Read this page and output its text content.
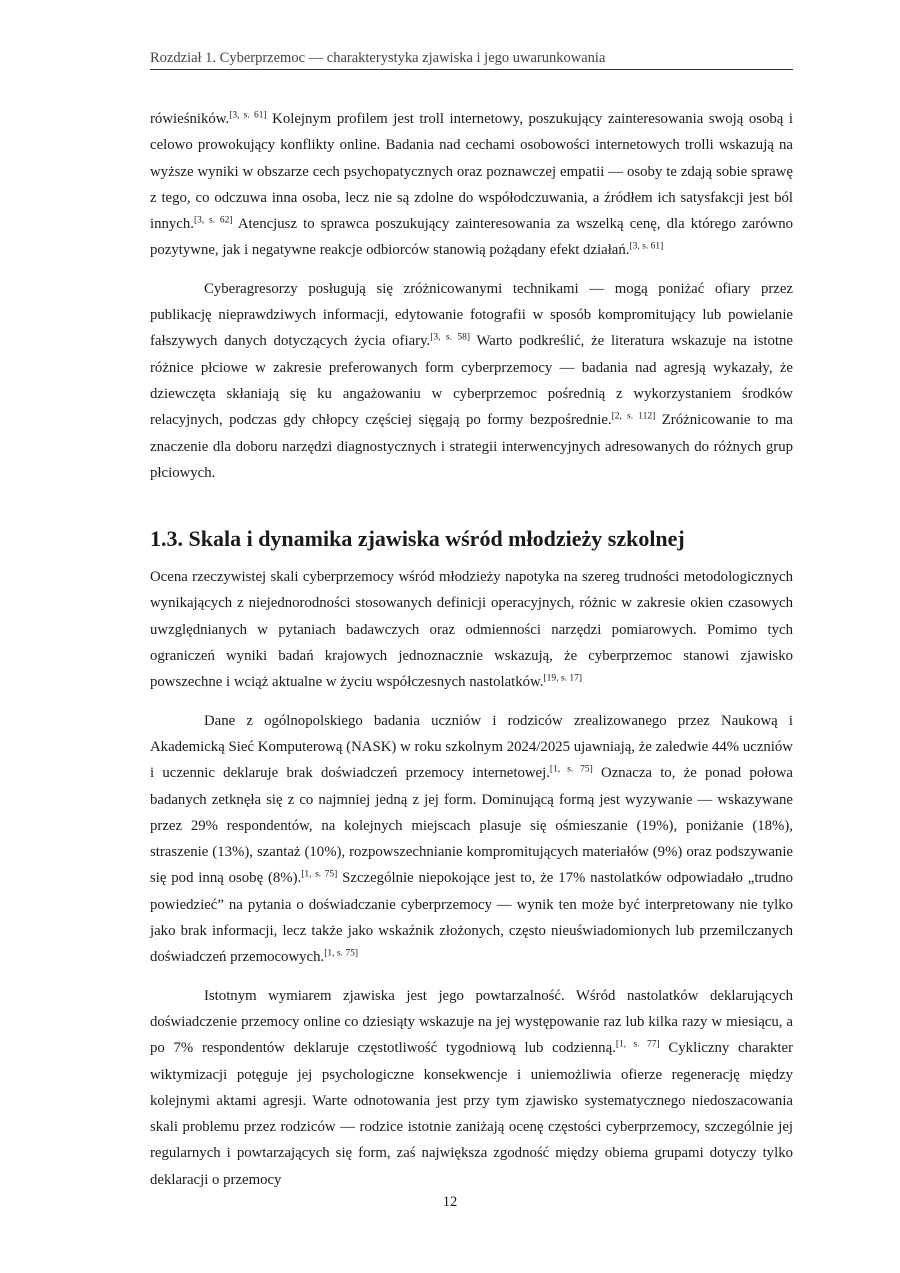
Rozdział 1. Cyberprzemoc — charakterystyka zjawiska i jego uwarunkowania

rówieśników.[3, s. 61] Kolejnym profilem jest troll internetowy, poszukujący zainteresowania swoją osobą i celowo prowokujący konflikty online. Badania nad cechami osobowości internetowych trolli wskazują na wyższe wyniki w obszarze cech psychopatycznych oraz poznawczej empatii — osoby te zdają sobie sprawę z tego, co odczuwa inna osoba, lecz nie są zdolne do współodczuwania, a źródłem ich satysfakcji jest ból innych.[3, s. 62] Atencjusz to sprawca poszukujący zainteresowania za wszelką cenę, dla którego zarówno pozytywne, jak i negatywne reakcje odbiorców stanowią pożądany efekt działań.[3, s. 61]

Cyberagresorzy posługują się zróżnicowanymi technikami — mogą poniżać ofiary przez publikację nieprawdziwych informacji, edytowanie fotografii w sposób kompromitujący lub powielanie fałszywych danych dotyczących życia ofiary.[3, s. 58] Warto podkreślić, że literatura wskazuje na istotne różnice płciowe w zakresie preferowanych form cyberprzemocy — badania nad agresją wykazały, że dziewczęta skłaniają się ku angażowaniu w cyberprzemoc pośrednią z wykorzystaniem środków relacyjnych, podczas gdy chłopcy częściej sięgają po formy bezpośrednie.[2, s. 112] Zróżnicowanie to ma znaczenie dla doboru narzędzi diagnostycznych i strategii interwencyjnych adresowanych do różnych grup płciowych.

1.3. Skala i dynamika zjawiska wśród młodzieży szkolnej

Ocena rzeczywistej skali cyberprzemocy wśród młodzieży napotyka na szereg trudności metodologicznych wynikających z niejednorodności stosowanych definicji operacyjnych, różnic w zakresie okien czasowych uwzględnianych w pytaniach badawczych oraz odmienności narzędzi pomiarowych. Pomimo tych ograniczeń wyniki badań krajowych jednoznacznie wskazują, że cyberprzemoc stanowi zjawisko powszechne i wciąż aktualne w życiu współczesnych nastolatków.[19, s. 17]

Dane z ogólnopolskiego badania uczniów i rodziców zrealizowanego przez Naukową i Akademicką Sieć Komputerową (NASK) w roku szkolnym 2024/2025 ujawniają, że zaledwie 44% uczniów i uczennic deklaruje brak doświadczeń przemocy internetowej.[1, s. 75] Oznacza to, że ponad połowa badanych zetknęła się z co najmniej jedną z jej form. Dominującą formą jest wyzywanie — wskazywane przez 29% respondentów, na kolejnych miejscach plasuje się ośmieszanie (19%), poniżanie (18%), straszenie (13%), szantaż (10%), rozpowszechnianie kompromitujących materiałów (9%) oraz podszywanie się pod inną osobę (8%).[1, s. 75] Szczególnie niepokojące jest to, że 17% nastolatków odpowiadało „trudno powiedzieć” na pytania o doświadczanie cyberprzemocy — wynik ten może być interpretowany nie tylko jako brak informacji, lecz także jako wskaźnik złożonych, często nieuświadomionych lub przemilczanych doświadczeń przemocowych.[1, s. 75]

Istotnym wymiarem zjawiska jest jego powtarzalność. Wśród nastolatków deklarujących doświadczenie przemocy online co dziesiąty wskazuje na jej występowanie raz lub kilka razy w miesiącu, a po 7% respondentów deklaruje częstotliwość tygodniową lub codzienną.[1, s. 77] Cykliczny charakter wiktymizacji potęguje jej psychologiczne konsekwencje i uniemożliwia ofierze regenerację między kolejnymi aktami agresji. Warte odnotowania jest przy tym zjawisko systematycznego niedoszacowania skali problemu przez rodziców — rodzice istotnie zaniżają ocenę częstości cyberprzemocy, szczególnie jej regularnych i powtarzających się form, zaś największa zgodność między obiema grupami dotyczy tylko deklaracji o przemocy

12
